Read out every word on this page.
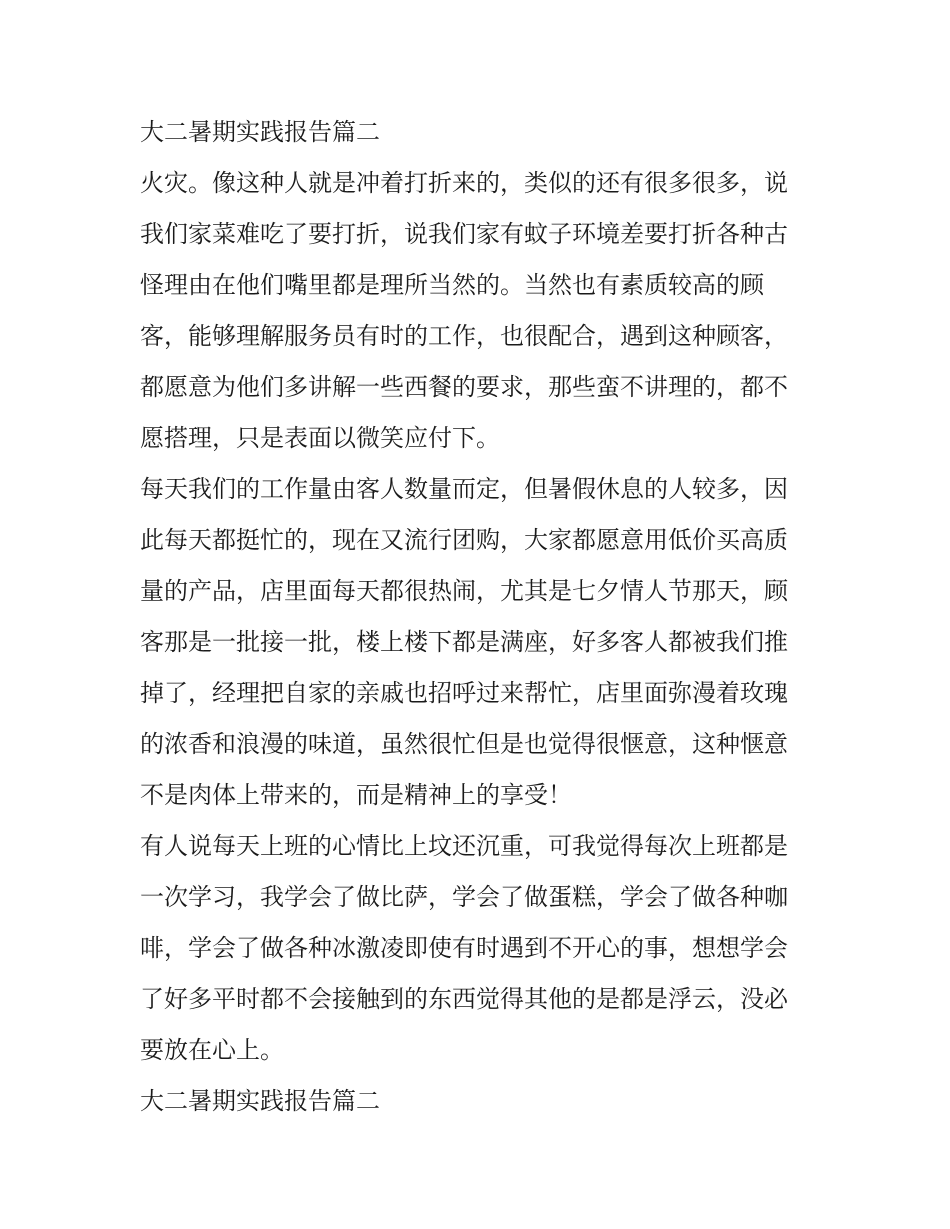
大二暑期实践报告篇二
火灾。像这种人就是冲着打折来的，类似的还有很多很多，说
我们家菜难吃了要打折，说我们家有蚊子环境差要打折各种古
怪理由在他们嘴里都是理所当然的。当然也有素质较高的顾
客，能够理解服务员有时的工作，也很配合，遇到这种顾客，
都愿意为他们多讲解一些西餐的要求，那些蛮不讲理的，都不
愿搭理，只是表面以微笑应付下。
每天我们的工作量由客人数量而定，但暑假休息的人较多，因
此每天都挺忙的，现在又流行团购，大家都愿意用低价买高质
量的产品，店里面每天都很热闹，尤其是七夕情人节那天，顾
客那是一批接一批，楼上楼下都是满座，好多客人都被我们推
掉了，经理把自家的亲戚也招呼过来帮忙，店里面弥漫着玫瑰
的浓香和浪漫的味道，虽然很忙但是也觉得很惬意，这种惬意
不是肉体上带来的，而是精神上的享受！
有人说每天上班的心情比上坟还沉重，可我觉得每次上班都是
一次学习，我学会了做比萨，学会了做蛋糕，学会了做各种咖
啡，学会了做各种冰激凌即使有时遇到不开心的事，想想学会
了好多平时都不会接触到的东西觉得其他的是都是浮云，没必
要放在心上。
大二暑期实践报告篇二
